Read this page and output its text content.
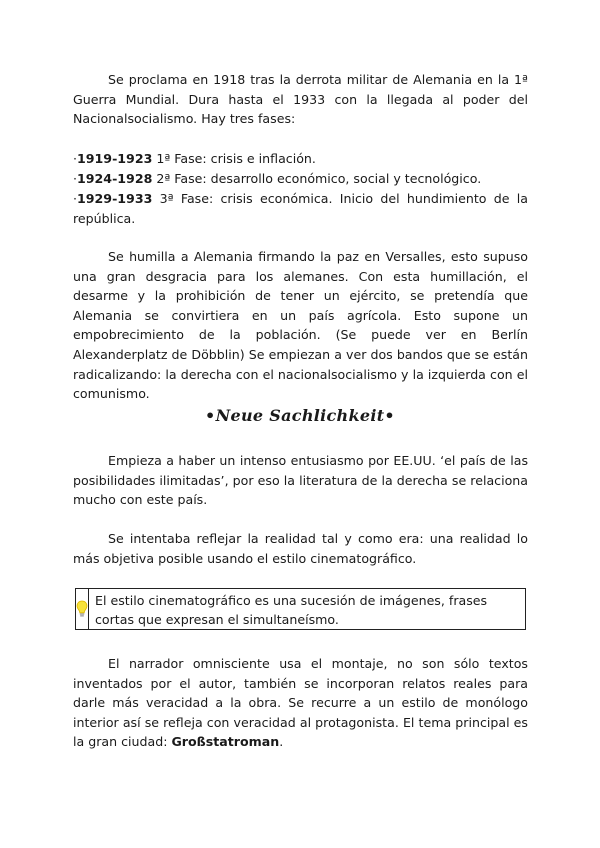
Se proclama en 1918 tras la derrota militar de Alemania en la 1ª Guerra Mundial. Dura hasta el 1933 con la llegada al poder del Nacionalsocialismo. Hay tres fases:

·1919-1923 1ª Fase: crisis e inflación.

·1924-1928 2ª Fase: desarrollo económico, social y tecnológico.

·1929-1933 3ª Fase: crisis económica. Inicio del hundimiento de la república.

Se humilla a Alemania firmando la paz en Versalles, esto supuso una gran desgracia para los alemanes. Con esta humillación, el desarme y la prohibición de tener un ejército, se pretendía que Alemania se convirtiera en un país agrícola. Esto supone un empobrecimiento de la población. (Se puede ver en Berlín Alexanderplatz de Döbblin) Se empiezan a ver dos bandos que se están radicalizando: la derecha con el nacionalsocialismo y la izquierda con el comunismo.

•Neue Sachlichkeit•

Empieza a haber un intenso entusiasmo por EE.UU. ‘el país de las posibilidades ilimitadas’, por eso la literatura de la derecha se relaciona mucho con este país.

Se intentaba reflejar la realidad tal y como era: una realidad lo más objetiva posible usando el estilo cinematográfico.

El estilo cinematográfico es una sucesión de imágenes, frases cortas que expresan el simultaneísmo.

El narrador omnisciente usa el montaje, no son sólo textos inventados por el autor, también se incorporan relatos reales para darle más veracidad a la obra. Se recurre a un estilo de monólogo interior así se refleja con veracidad al protagonista. El tema principal es la gran ciudad: Großstatroman.
